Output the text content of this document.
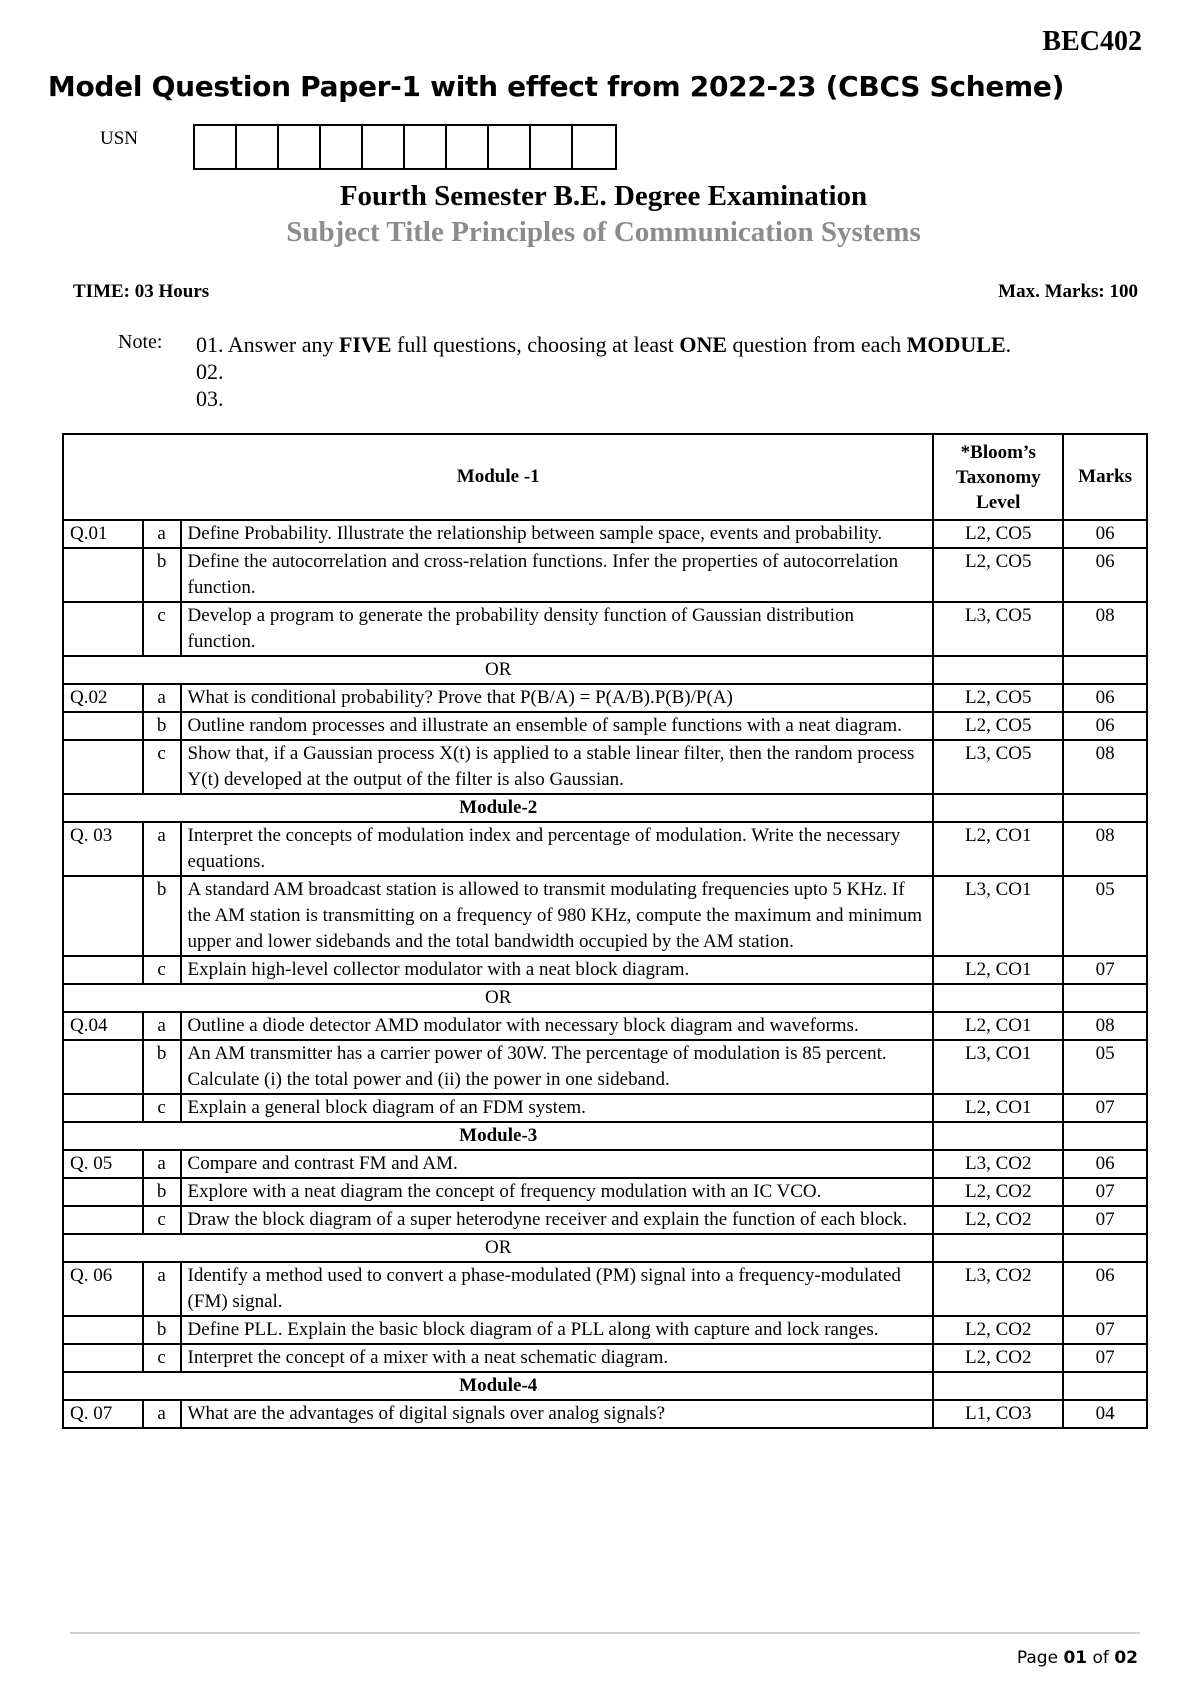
BEC402
Model Question Paper-1 with effect from 2022-23 (CBCS Scheme)
USN
Fourth Semester B.E. Degree Examination
Subject Title Principles of Communication Systems
TIME: 03 Hours	Max. Marks: 100
Note: 01. Answer any FIVE full questions, choosing at least ONE question from each MODULE.
02.
03.
Module -1			*Bloom’s
Taxonomy
Level	Marks
Q.01	a	Define Probability. Illustrate the relationship between sample space, events and probability.	L2, CO5	06
	b	Define the autocorrelation and cross-relation functions. Infer the properties of autocorrelation function.	L2, CO5	06
	c	Develop a program to generate the probability density function of Gaussian distribution function.	L3, CO5	08
OR				
Q.02	a	What is conditional probability? Prove that P(B/A) = P(A/B).P(B)/P(A)	L2, CO5	06
	b	Outline random processes and illustrate an ensemble of sample functions with a neat diagram.	L2, CO5	06
	c	Show that, if a Gaussian process X(t) is applied to a stable linear filter, then the random process Y(t) developed at the output of the filter is also Gaussian.	L3, CO5	08
Module-2				
Q. 03	a	Interpret the concepts of modulation index and percentage of modulation. Write the necessary equations.	L2, CO1	08
	b	A standard AM broadcast station is allowed to transmit modulating frequencies upto 5 KHz. If the AM station is transmitting on a frequency of 980 KHz, compute the maximum and minimum upper and lower sidebands and the total bandwidth occupied by the AM station.	L3, CO1	05
	c	Explain high-level collector modulator with a neat block diagram.	L2, CO1	07
OR				
Q.04	a	Outline a diode detector AMD modulator with necessary block diagram and waveforms.	L2, CO1	08
	b	An AM transmitter has a carrier power of 30W. The percentage of modulation is 85 percent. Calculate (i) the total power and (ii) the power in one sideband.	L3, CO1	05
	c	Explain a general block diagram of an FDM system.	L2, CO1	07
Module-3				
Q. 05	a	Compare and contrast FM and AM.	L3, CO2	06
	b	Explore with a neat diagram the concept of frequency modulation with an IC VCO.	L2, CO2	07
	c	Draw the block diagram of a super heterodyne receiver and explain the function of each block.	L2, CO2	07
OR				
Q. 06	a	Identify a method used to convert a phase-modulated (PM) signal into a frequency-modulated (FM) signal.	L3, CO2	06
	b	Define PLL. Explain the basic block diagram of a PLL along with capture and lock ranges.	L2, CO2	07
	c	Interpret the concept of a mixer with a neat schematic diagram.	L2, CO2	07
Module-4				
Q. 07	a	What are the advantages of digital signals over analog signals?	L1, CO3	04
Page 01 of 02
